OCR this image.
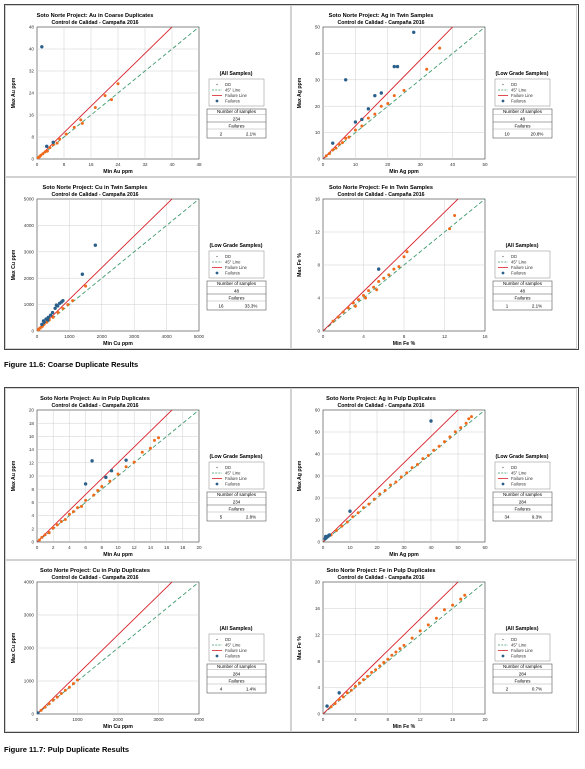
Soto Norte Project: Au in Coarse Duplicates
Control de Calidad - Campaña 2016
0	8	16	24	32	40	48
0
8
16
24
32
40
48
Min Au ppm
Max Au ppm
(All Samples)
DD
45° Line
Failure Line
Failures
Number of samples
234
Failures
2	2.1%
Soto Norte Project: Ag in Twin Samples
Control de Calidad - Campaña 2016
0	10	20	30	40	50
0
10
20
30
40
50
Min Ag ppm
Max Ag ppm
(Low Grade Samples)
DD
45° Line
Failure Line
Failures
Number of samples
48
Failures
10	20.8%
Soto Norte Project: Cu in Twin Samples
Control de Calidad - Campaña 2016
0	1000	2000	3000	4000	5000
0
1000
2000
3000
4000
5000
Min Cu ppm
Max Cu ppm
(Low Grade Samples)
DD
45° Line
Failure Line
Failures
Number of samples
48
Failures
16	33.3%
Soto Norte Project: Fe in Twin Samples
Control de Calidad - Campaña 2016
0	4	8	12	16
0
4
8
12
16
Min Fe %
Max Fe %
(All Samples)
DD
45° Line
Failure Line
Failures
Number of samples
48
Failures
1	2.1%
Figure 11.6: Coarse Duplicate Results
Soto Norte Project: Au in Pulp Duplicates
Control de Calidad - Campaña 2016
0	2	4	6	8	10 12 14 16 18 20
0
2
4
6
8
10
12
14
16
18
20
Min Au ppm
Max Au ppm
(Low Grade Samples)
DD
45° Line
Failure Line
Failures
Number of samples
234
Failures
5	2.8%
Soto Norte Project: Ag in Pulp Duplicates
Control de Calidad - Campaña 2016
0	10	20	30	40	50	60
0
10
20
30
40
50
60
Min Ag ppm
Max Ag ppm
(Low Grade Samples)
DD
45° Line
Failure Line
Failures
Number of samples
284
Failures
34	9.3%
Soto Norte Project: Cu in Pulp Duplicates
Control de Calidad - Campaña 2016
0	1000	2000	3000	4000
0
1000
2000
3000
4000
Min Cu ppm
Max Cu ppm
(All Samples)
DD
45° Line
Failure Line
Failures
Number of samples
284
Failures
4	1.4%
Soto Norte Project: Fe in Pulp Duplicates
Control de Calidad - Campaña 2016
0	4	8	12	16	20
0
4
8
12
16
20
Min Fe %
Max Fe %
(All Samples)
DD
45° Line
Failure Line
Failures
Number of samples
284
Failures
2	0.7%
Figure 11.7: Pulp Duplicate Results
